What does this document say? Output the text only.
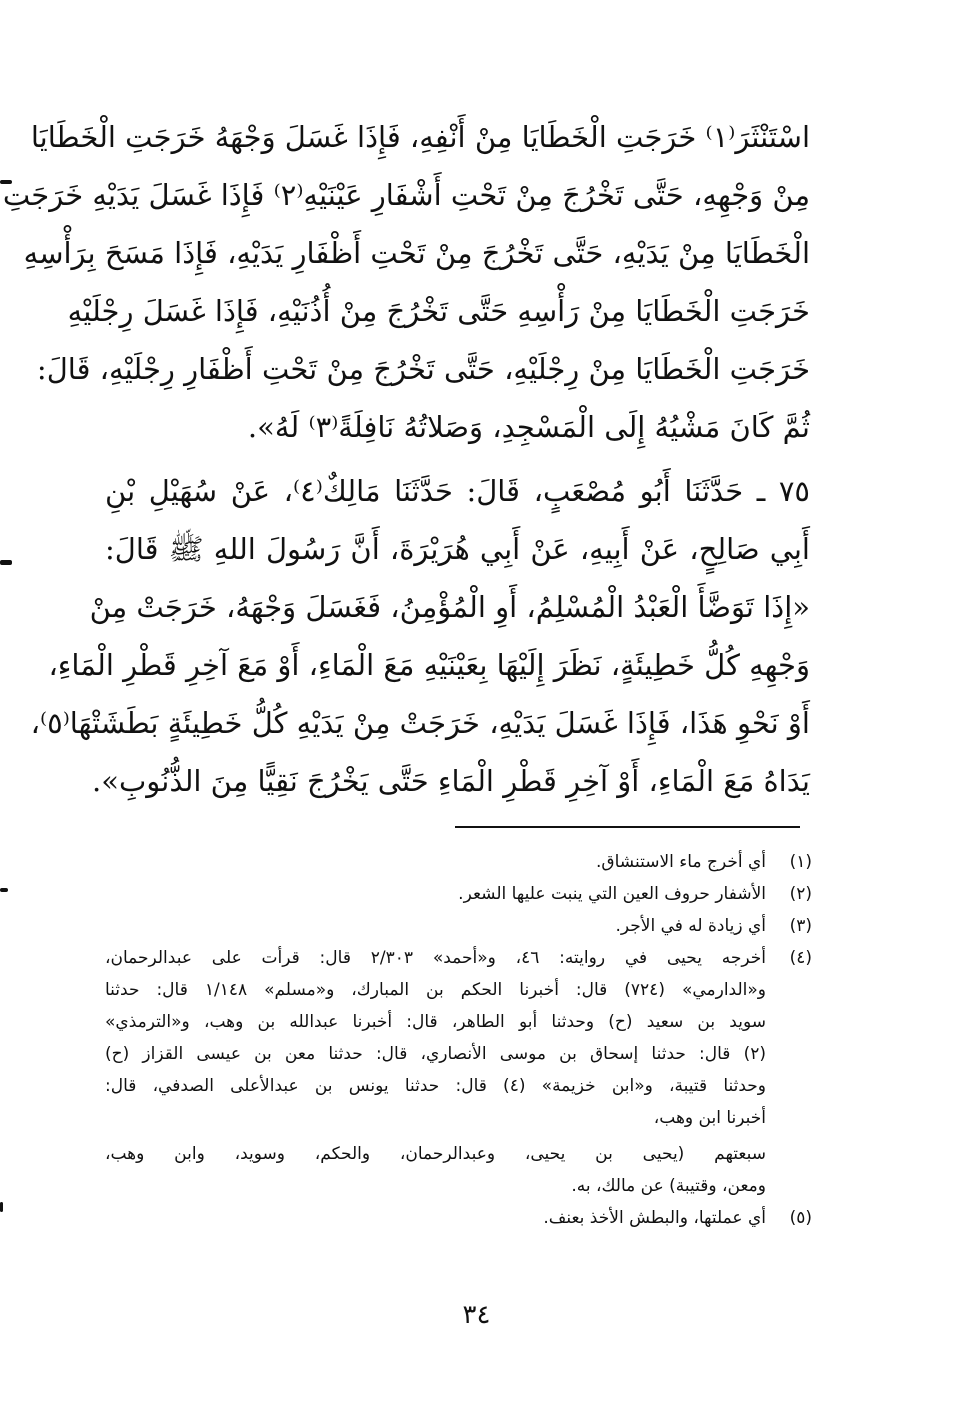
اسْتَنْثَرَ⁽١⁾ خَرَجَتِ الْخَطَايَا مِنْ أَنْفِهِ، فَإِذَا غَسَلَ وَجْهَهُ خَرَجَتِ الْخَطَايَا
مِنْ وَجْهِهِ، حَتَّى تَخْرُجَ مِنْ تَحْتِ أَشْفَارِ عَيْنَيْهِ⁽٢⁾ فَإِذَا غَسَلَ يَدَيْهِ خَرَجَتِ
الْخَطَايَا مِنْ يَدَيْهِ، حَتَّى تَخْرُجَ مِنْ تَحْتِ أَظْفَارِ يَدَيْهِ، فَإِذَا مَسَحَ بِرَأْسِهِ
خَرَجَتِ الْخَطَايَا مِنْ رَأْسِهِ حَتَّى تَخْرُجَ مِنْ أُذُنَيْهِ، فَإِذَا غَسَلَ رِجْلَيْهِ
خَرَجَتِ الْخَطَايَا مِنْ رِجْلَيْهِ، حَتَّى تَخْرُجَ مِنْ تَحْتِ أَظْفَارِ رِجْلَيْهِ، قَالَ:
ثُمَّ كَانَ مَشْيُهُ إِلَى الْمَسْجِدِ، وَصَلاتُهُ نَافِلَةً⁽٣⁾ لَهُ».
٧٥ ـ حَدَّثَنَا أَبُو مُصْعَبٍ، قَالَ: حَدَّثَنَا مَالِكٌ⁽٤⁾، عَنْ سُهَيْلِ بْنِ
أَبِي صَالِحٍ، عَنْ أَبِيهِ، عَنْ أَبِي هُرَيْرَةَ، أَنَّ رَسُولَ اللهِ ﷺ قَالَ:
«إِذَا تَوَضَّأَ الْعَبْدُ الْمُسْلِمُ، أَوِ الْمُؤْمِنُ، فَغَسَلَ وَجْهَهُ، خَرَجَتْ مِنْ
وَجْهِهِ كُلُّ خَطِيئَةٍ، نَظَرَ إِلَيْهَا بِعَيْنَيْهِ مَعَ الْمَاءِ، أَوْ مَعَ آخِرِ قَطْرِ الْمَاءِ،
أَوْ نَحْوِ هَذَا، فَإِذَا غَسَلَ يَدَيْهِ، خَرَجَتْ مِنْ يَدَيْهِ كُلُّ خَطِيئَةٍ بَطَشَتْهَا⁽٥⁾،
يَدَاهُ مَعَ الْمَاءِ، أَوْ آخِرِ قَطْرِ الْمَاءِ حَتَّى يَخْرُجَ نَقِيًّا مِنَ الذُّنُوبِ».
(١)
أي أخرج ماء الاستنشاق.
(٢)
الأشفار حروف العين التي ينبت عليها الشعر.
(٣)
أي زيادة له في الأجر.
(٤)
أخرجه يحيى في روايته: ٤٦، و«أحمد» ٢/٣٠٣ قال: قرأت على عبدالرحمان،
و«الدارمي» (٧٢٤) قال: أخبرنا الحكم بن المبارك، و«مسلم» ١/١٤٨ قال: حدثنا
سويد بن سعيد (ح) وحدثنا أبو الطاهر، قال: أخبرنا عبدالله بن وهب، و«الترمذي»
(٢) قال: حدثنا إسحاق بن موسى الأنصاري، قال: حدثنا معن بن عيسى القزاز (ح)
وحدثنا قتيبة، و«ابن خزيمة» (٤) قال: حدثنا يونس بن عبدالأعلى الصدفي، قال:
أخبرنا ابن وهب،
سبعتهم (يحيى بن يحيى، وعبدالرحمان، والحكم، وسويد، وابن وهب،
ومعن، وقتيبة) عن مالك، به.
(٥)
أي عملتها، والبطش الأخذ بعنف.
٣٤
